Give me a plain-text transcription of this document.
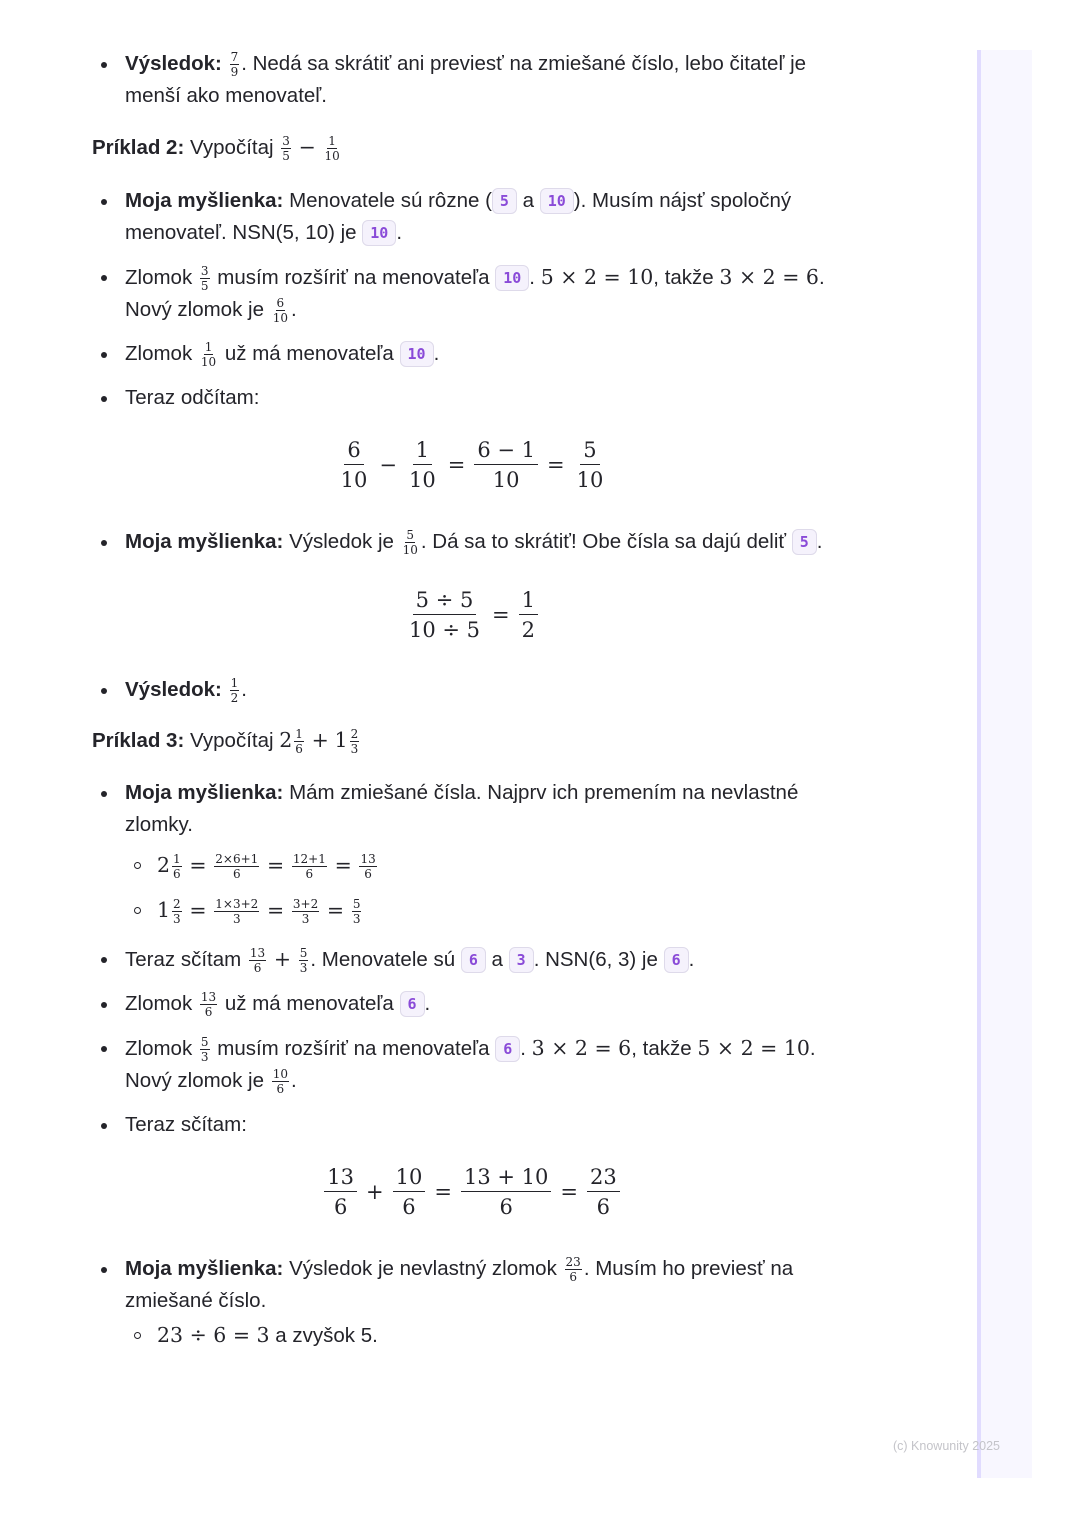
Výsledok: $\frac{7}{9}$ . Nedá sa skrátiť ani previesť na zmiešané číslo, lebo čitateľ je menší ako menovateľ.
Príklad 2: Vypočítaj $\frac{3}{5} - \frac{1}{10}$
Moja myšlienka: Menovatele sú rôzne ( 5 a 10 ). Musím nájsť spoločný menovateľ. NSN(5, 10) je 10 .
Zlomok $\frac{3}{5}$ musím rozšíriť na menovateľa 10 . 5 × 2 = 10, takže 3 × 2 = 6. Nový zlomok je $\frac{6}{10}$ .
Zlomok $\frac{1}{10}$ už má menovateľa 10 .
Teraz odčítam:
6
10
− $\frac{1}{10} = \frac{6 - 1}{10} = \frac{5}{10}$
Moja myšlienka: Výsledok je $\frac{5}{10}$ . Dá sa to skrátiť! Obe čísla sa dajú deliť 5 .
$\frac{5 \div 5}{10 \div 5} = \frac{1}{2}$
Výsledok: $\frac{1}{2}$ .
Príklad 3: Vypočítaj $2 \frac{1}{6} + 1 \frac{2}{3}$
Moja myšlienka: Mám zmiešané čísla. Najprv ich premením na nevlastné zlomky.
$2 \frac{1}{6} = \frac{2\times 6+1}{6} = \frac{12+1}{6} = \frac{13}{6}$
$1 \frac{2}{3} = \frac{1\times 3+2}{3} = \frac{3+2}{3} = \frac{5}{3}$
Teraz sčítam $\frac{13}{6} + \frac{5}{3}$ . Menovatele sú 6 a 3 . NSN(6, 3) je 6 .
Zlomok $\frac{13}{6}$ už má menovateľa 6 .
Zlomok $\frac{5}{3}$ musím rozšíriť na menovateľa 6 . 3 × 2 = 6, takže 5 × 2 = 10. Nový zlomok je $\frac{10}{6}$ .
Teraz sčítam:
13
6
+ $\frac{10}{6} = \frac{13 + 10}{6} = \frac{23}{6}$
Moja myšlienka: Výsledok je nevlastný zlomok $\frac{23}{6}$ . Musím ho previesť na zmiešané číslo.
23 ÷ 6 = 3 a zvyšok 5.
(c) Knowunity 2025
